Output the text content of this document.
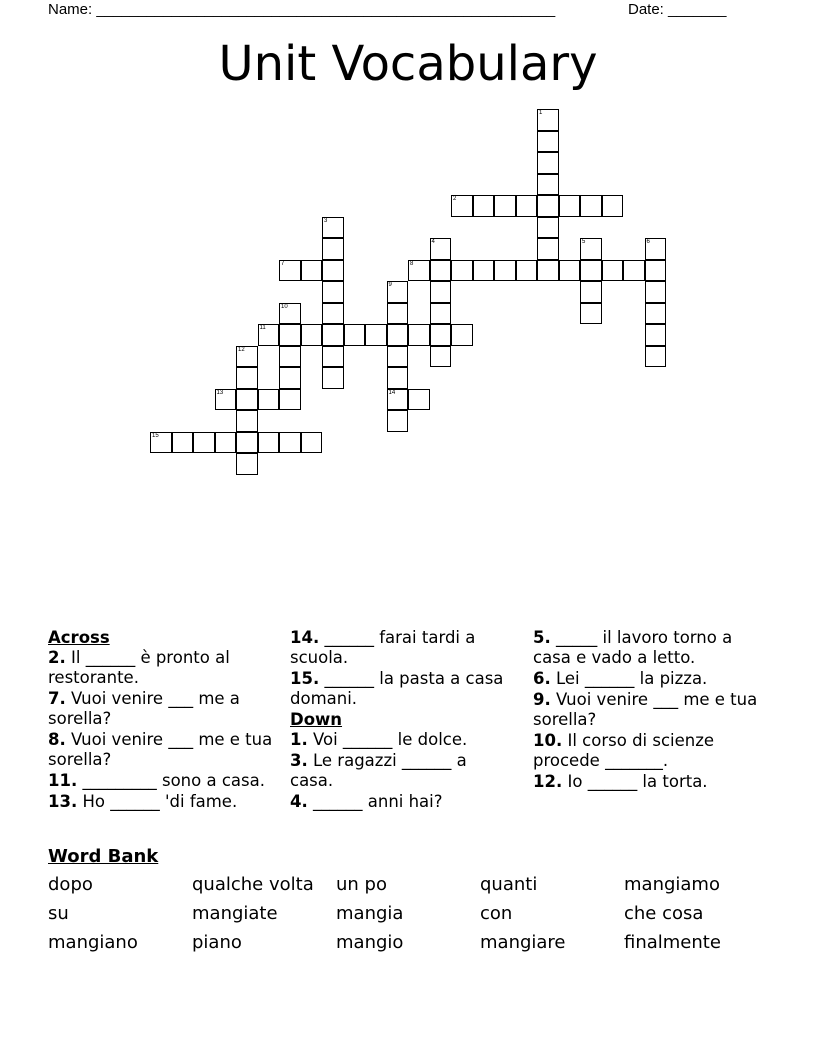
Name: _______________________________________________________	Date: _______
Unit Vocabulary
1
2
3
4	5	6
7	8
9
14
10
11
12
13
15
Across
2. Il ______ è pronto al restorante.
7. Vuoi venire ___ me a sorella?
8. Vuoi venire ___ me e tua sorella?
11. _________ sono a casa.
13. Ho ______ 'di fame.
14. ______ farai tardi a scuola.
15. ______ la pasta a casa domani.
Down
1. Voi ______ le dolce.
3. Le ragazzi ______ a casa.
4. ______ anni hai?
5. _____ il lavoro torno a casa e vado a letto.
6. Lei ______ la pizza.
9. Vuoi venire ___ me e tua sorella?
10. Il corso di scienze procede _______.
12. Io ______ la torta.
Word Bank
dopo	qualche volta	un po	quanti	mangiamo
su	mangiate	mangia	con	che cosa
mangiano	piano	mangio	mangiare	finalmente
